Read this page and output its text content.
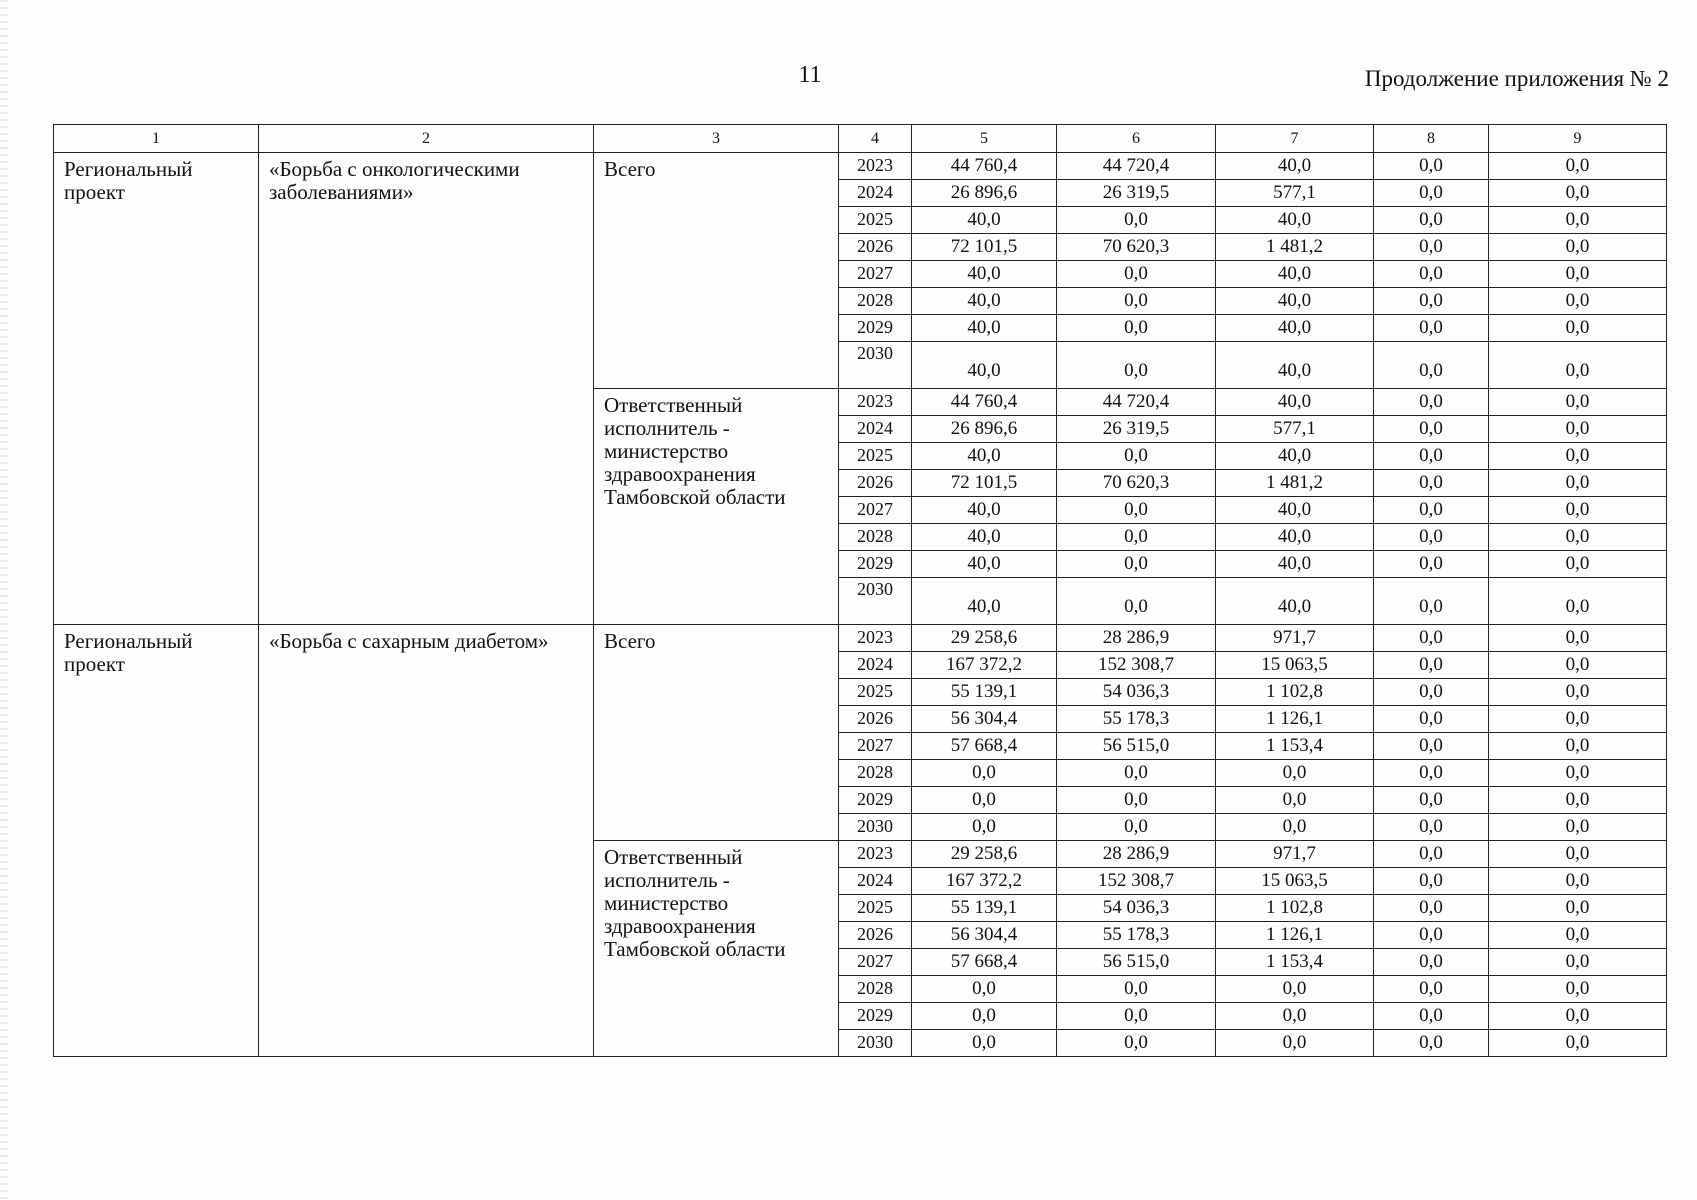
11	Продолжение приложения № 2
1	2	3	4	5	6	7	8	9
Региональный проект	«Борьба с онкологическими заболеваниями»	Всего	2023	44 760,4	44 720,4	40,0	0,0	0,0
			2024	26 896,6	26 319,5	577,1	0,0	0,0
			2025	40,0	0,0	40,0	0,0	0,0
			2026	72 101,5	70 620,3	1 481,2	0,0	0,0
			2027	40,0	0,0	40,0	0,0	0,0
			2028	40,0	0,0	40,0	0,0	0,0
			2029	40,0	0,0	40,0	0,0	0,0
			2030	40,0	0,0	40,0	0,0	0,0
		Ответственный исполнитель - министерство здравоохранения Тамбовской области	2023	44 760,4	44 720,4	40,0	0,0	0,0
			2024	26 896,6	26 319,5	577,1	0,0	0,0
			2025	40,0	0,0	40,0	0,0	0,0
			2026	72 101,5	70 620,3	1 481,2	0,0	0,0
			2027	40,0	0,0	40,0	0,0	0,0
			2028	40,0	0,0	40,0	0,0	0,0
			2029	40,0	0,0	40,0	0,0	0,0
			2030	40,0	0,0	40,0	0,0	0,0
Региональный проект	«Борьба с сахарным диабетом»	Всего	2023	29 258,6	28 286,9	971,7	0,0	0,0
			2024	167 372,2	152 308,7	15 063,5	0,0	0,0
			2025	55 139,1	54 036,3	1 102,8	0,0	0,0
			2026	56 304,4	55 178,3	1 126,1	0,0	0,0
			2027	57 668,4	56 515,0	1 153,4	0,0	0,0
			2028	0,0	0,0	0,0	0,0	0,0
			2029	0,0	0,0	0,0	0,0	0,0
			2030	0,0	0,0	0,0	0,0	0,0
		Ответственный исполнитель - министерство здравоохранения Тамбовской области	2023	29 258,6	28 286,9	971,7	0,0	0,0
			2024	167 372,2	152 308,7	15 063,5	0,0	0,0
			2025	55 139,1	54 036,3	1 102,8	0,0	0,0
			2026	56 304,4	55 178,3	1 126,1	0,0	0,0
			2027	57 668,4	56 515,0	1 153,4	0,0	0,0
			2028	0,0	0,0	0,0	0,0	0,0
			2029	0,0	0,0	0,0	0,0	0,0
			2030	0,0	0,0	0,0	0,0	0,0
